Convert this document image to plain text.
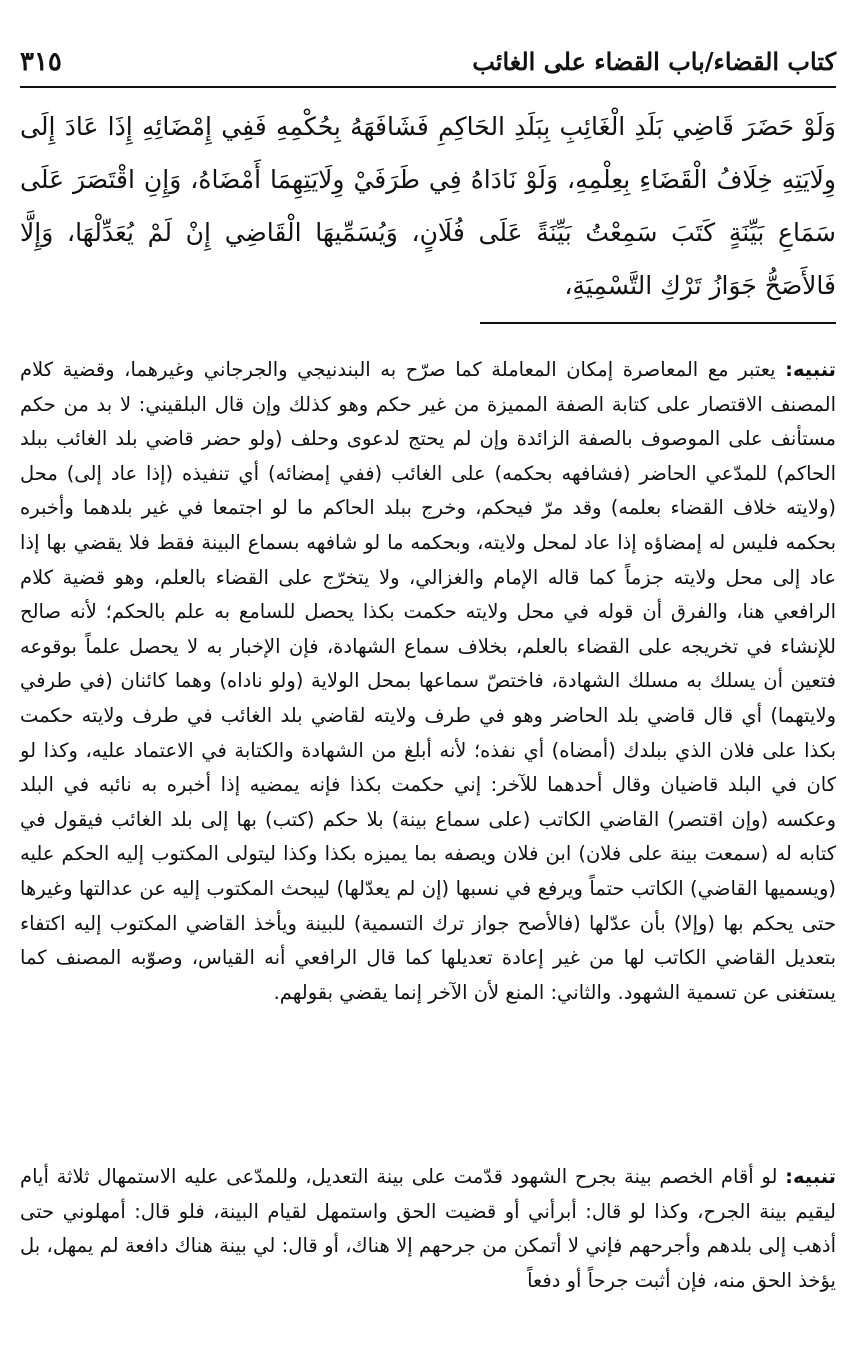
كتاب القضاء/باب القضاء على الغائب
٣١٥
وَلَوْ حَضَرَ قَاضِي بَلَدِ الْغَائِبِ بِبَلَدِ الحَاكِمِ فَشَافَهَهُ بِحُكْمِهِ فَفِي إِمْضَائِهِ إِذَا عَادَ إِلَى وِلَايَتِهِ خِلَافُ الْقَضَاءِ بِعِلْمِهِ، وَلَوْ نَادَاهُ فِي طَرَفَيْ وِلَايَتِهِمَا أَمْضَاهُ، وَإِنِ اقْتَصَرَ عَلَى سَمَاعِ بَيِّنَةٍ كَتَبَ سَمِعْتُ بَيِّنَةً عَلَى فُلَانٍ، وَيُسَمِّيهَا الْقَاضِي إِنْ لَمْ يُعَدِّلْهَا، وَإِلَّا فَالأَصَحُّ جَوَازُ تَرْكِ التَّسْمِيَةِ،
تنبيه: يعتبر مع المعاصرة إمكان المعاملة كما صرّح به البندنيجي والجرجاني وغيرهما، وقضية كلام المصنف الاقتصار على كتابة الصفة المميزة من غير حكم وهو كذلك وإن قال البلقيني: لا بد من حكم مستأنف على الموصوف بالصفة الزائدة وإن لم يحتج لدعوى وحلف (ولو حضر قاضي بلد الغائب ببلد الحاكم) للمدّعي الحاضر (فشافهه بحكمه) على الغائب (ففي إمضائه) أي تنفيذه (إذا عاد إلى) محل (ولايته خلاف القضاء بعلمه) وقد مرّ فيحكم، وخرج ببلد الحاكم ما لو اجتمعا في غير بلدهما وأخبره بحكمه فليس له إمضاؤه إذا عاد لمحل ولايته، وبحكمه ما لو شافهه بسماع البينة فقط فلا يقضي بها إذا عاد إلى محل ولايته جزماً كما قاله الإمام والغزالي، ولا يتخرّج على القضاء بالعلم، وهو قضية كلام الرافعي هنا، والفرق أن قوله في محل ولايته حكمت بكذا يحصل للسامع به علم بالحكم؛ لأنه صالح للإنشاء في تخريجه على القضاء بالعلم، بخلاف سماع الشهادة، فإن الإخبار به لا يحصل علماً بوقوعه فتعين أن يسلك به مسلك الشهادة، فاختصّ سماعها بمحل الولاية (ولو ناداه) وهما كائنان (في طرفي ولايتهما) أي قال قاضي بلد الحاضر وهو في طرف ولايته لقاضي بلد الغائب في طرف ولايته حكمت بكذا على فلان الذي ببلدك (أمضاه) أي نفذه؛ لأنه أبلغ من الشهادة والكتابة في الاعتماد عليه، وكذا لو كان في البلد قاضيان وقال أحدهما للآخر: إني حكمت بكذا فإنه يمضيه إذا أخبره به نائبه في البلد وعكسه (وإن اقتصر) القاضي الكاتب (على سماع بينة) بلا حكم (كتب) بها إلى بلد الغائب فيقول في كتابه له (سمعت بينة على فلان) ابن فلان ويصفه بما يميزه بكذا وكذا ليتولى المكتوب إليه الحكم عليه (ويسميها القاضي) الكاتب حتماً ويرفع في نسبها (إن لم يعدّلها) ليبحث المكتوب إليه عن عدالتها وغيرها حتى يحكم بها (وإلا) بأن عدّلها (فالأصح جواز ترك التسمية) للبينة ويأخذ القاضي المكتوب إليه اكتفاء بتعديل القاضي الكاتب لها من غير إعادة تعديلها كما قال الرافعي أنه القياس، وصوّبه المصنف كما يستغنى عن تسمية الشهود. والثاني: المنع لأن الآخر إنما يقضي بقولهم.
تنبيه: لو أقام الخصم بينة بجرح الشهود قدّمت على بينة التعديل، وللمدّعى عليه الاستمهال ثلاثة أيام ليقيم بينة الجرح، وكذا لو قال: أبرأني أو قضيت الحق واستمهل لقيام البينة، فلو قال: أمهلوني حتى أذهب إلى بلدهم وأجرحهم فإني لا أتمكن من جرحهم إلا هناك، أو قال: لي بينة هناك دافعة لم يمهل، بل يؤخذ الحق منه، فإن أثبت جرحاً أو دفعاً
